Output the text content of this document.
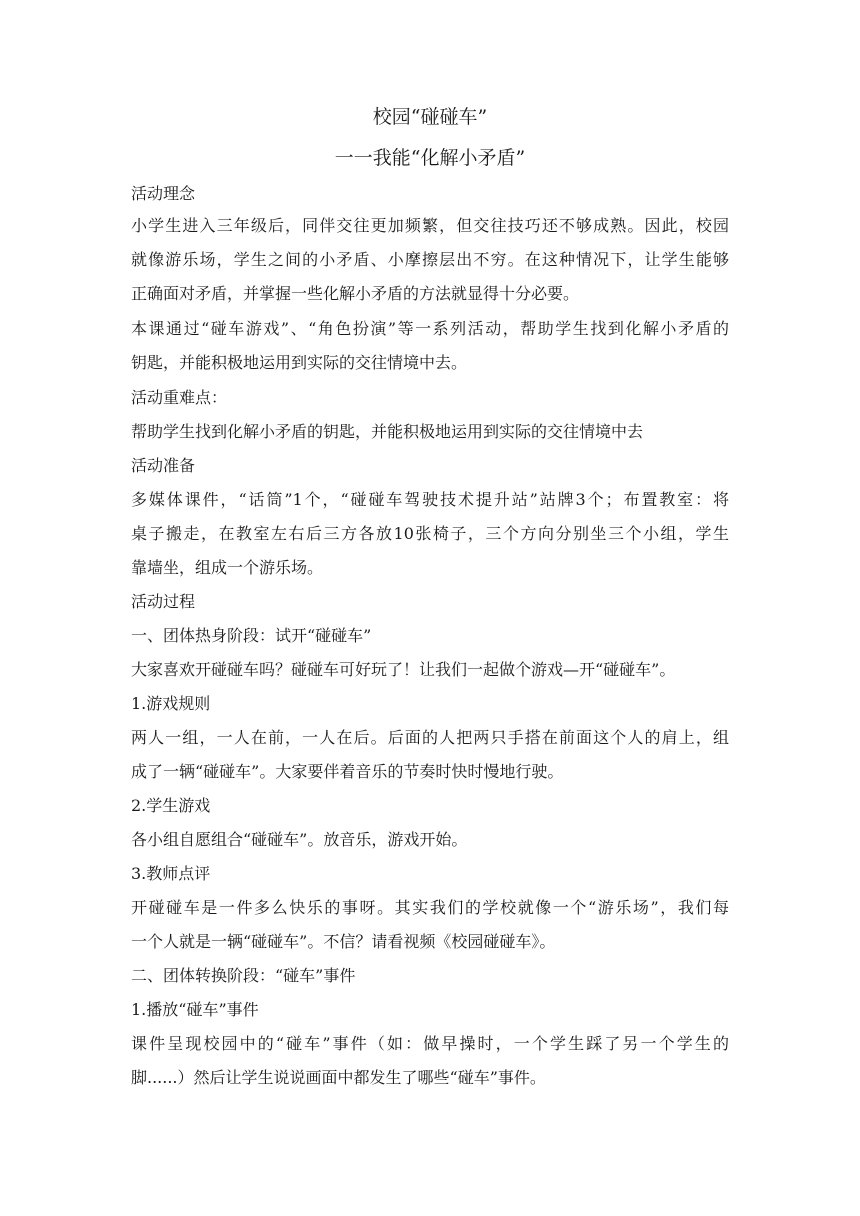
校园“碰碰车”
一一我能“化解小矛盾”
活动理念
小学生进入三年级后，同伴交往更加频繁，但交往技巧还不够成熟。因此，校园
就像游乐场，学生之间的小矛盾、小摩擦层出不穷。在这种情况下，让学生能够
正确面对矛盾，并掌握一些化解小矛盾的方法就显得十分必要。
本课通过“碰车游戏”、“角色扮演”等一系列活动，帮助学生找到化解小矛盾的
钥匙，并能积极地运用到实际的交往情境中去。
活动重难点：
帮助学生找到化解小矛盾的钥匙，并能积极地运用到实际的交往情境中去
活动准备
多媒体课件，“话筒”1个，“碰碰车驾驶技术提升站”站牌3个；布置教室：将
桌子搬走，在教室左右后三方各放10张椅子，三个方向分别坐三个小组，学生
靠墙坐，组成一个游乐场。
活动过程
一、团体热身阶段：试开“碰碰车”
大家喜欢开碰碰车吗？碰碰车可好玩了！让我们一起做个游戏—开“碰碰车”。
1.游戏规则
两人一组，一人在前，一人在后。后面的人把两只手搭在前面这个人的肩上，组
成了一辆“碰碰车”。大家要伴着音乐的节奏时快时慢地行驶。
2.学生游戏
各小组自愿组合“碰碰车”。放音乐，游戏开始。
3.教师点评
开碰碰车是一件多么快乐的事呀。其实我们的学校就像一个“游乐场”，我们每
一个人就是一辆“碰碰车”。不信？请看视频《校园碰碰车》。
二、团体转换阶段：“碰车”事件
1.播放“碰车”事件
课件呈现校园中的“碰车”事件（如：做早操时，一个学生踩了另一个学生的
脚......）然后让学生说说画面中都发生了哪些“碰车”事件。
